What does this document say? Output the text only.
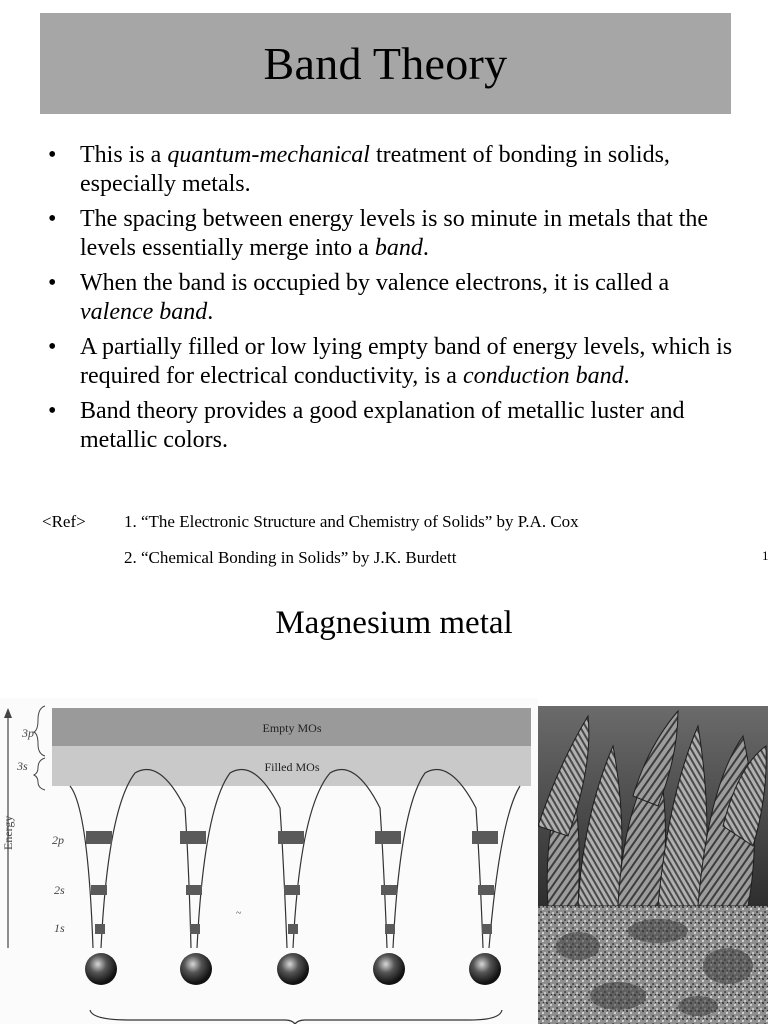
Band Theory
• This is a quantum-mechanical treatment of bonding in solids, especially metals.
• The spacing between energy levels is so minute in metals that the levels essentially merge into a band.
• When the band is occupied by valence electrons, it is called a valence band.
• A partially filled or low lying empty band of energy levels, which is required for electrical conductivity, is a conduction band.
• Band theory provides a good explanation of metallic luster and metallic colors.
<Ref> 1. “The Electronic Structure and Chemistry of Solids” by P.A. Cox
2. “Chemical Bonding in Solids” by J.K. Burdett	1
Magnesium metal
Energy
3p
3s
2p
2s
1s
Empty MOs
Filled MOs
~
